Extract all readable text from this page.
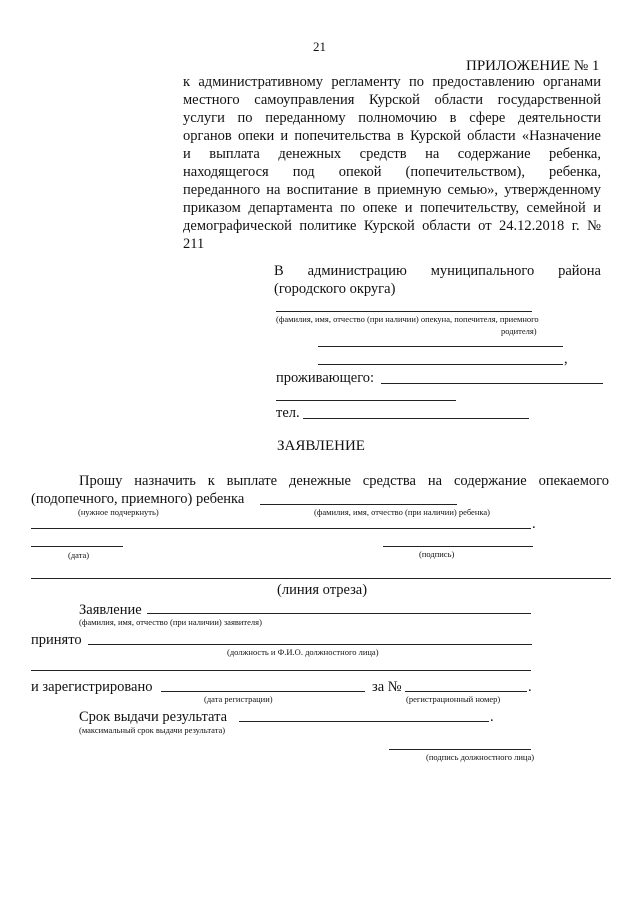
21
ПРИЛОЖЕНИЕ № 1
к административному регламенту по предоставлению органами
местного самоуправления Курской области государственной
услуги по переданному полномочию в сфере деятельности
органов опеки и попечительства в Курской области «Назначение
и выплата денежных средств на содержание ребенка,
находящегося под опекой (попечительством), ребенка,
переданного на воспитание в приемную семью», утвержденному
приказом департамента по опеке и попечительству, семейной и
демографической политике Курской области от 24.12.2018 г. №
211
В администрацию муниципального района
(городского округа)
(фамилия, имя, отчество (при наличии) опекуна, попечителя, приемного
родителя)
,
проживающего:
тел.
ЗАЯВЛЕНИЕ
Прошу назначить к выплате денежные средства на содержание опекаемого
(подопечного, приемного) ребенка
(нужное подчеркнуть)	(фамилия, имя, отчество (при наличии) ребенка)
.
(дата)	(подпись)
(линия отреза)
Заявление
(фамилия, имя, отчество (при наличии) заявителя)
принято
(должность и Ф.И.О. должностного лица)
и зарегистрировано	за №	.
(дата регистрации)	(регистрационный номер)
Срок выдачи результата	.
(максимальный срок выдачи результата)
(подпись должностного лица)
